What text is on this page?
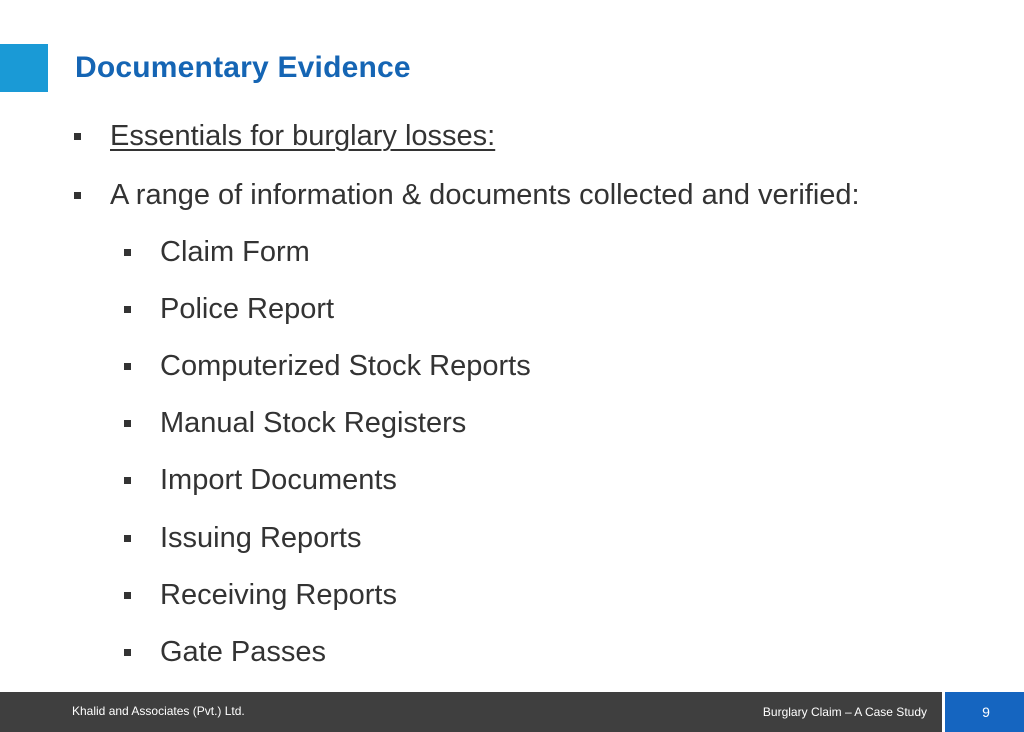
Documentary Evidence
Essentials for burglary losses:
A range of information & documents collected and verified:
Claim Form
Police Report
Computerized Stock Reports
Manual Stock Registers
Import Documents
Issuing Reports
Receiving Reports
Gate Passes
Khalid and Associates (Pvt.) Ltd.	Burglary Claim – A Case Study	9
